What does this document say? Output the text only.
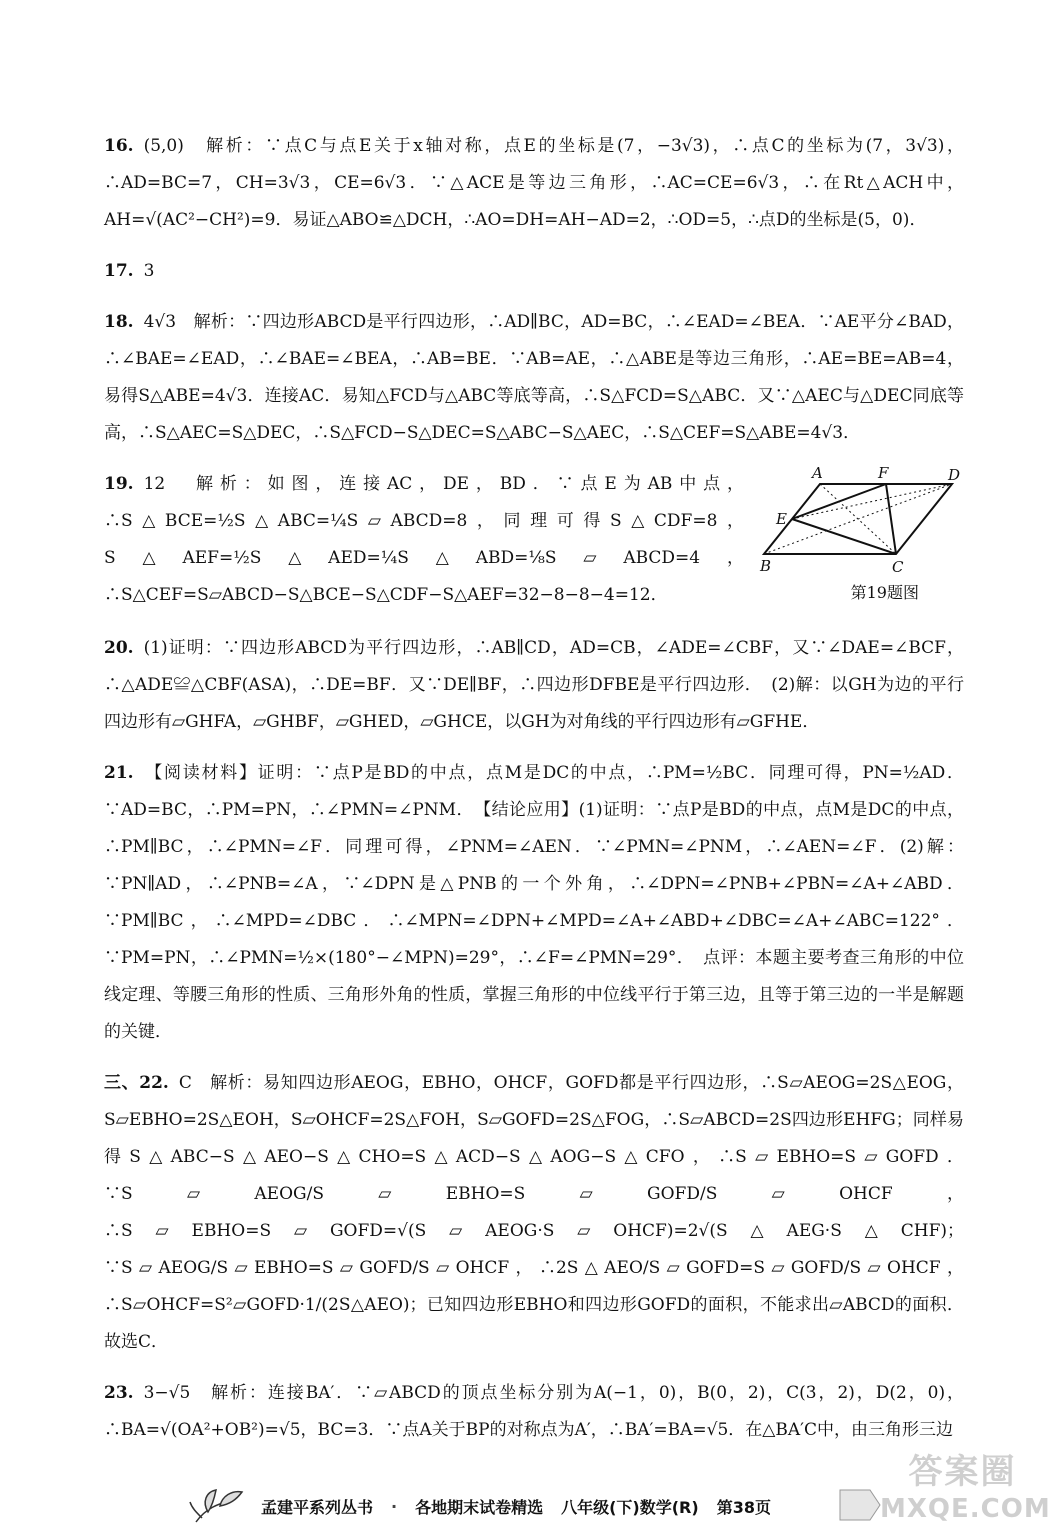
16. (5,0)　解析：∵点C与点E关于x轴对称，点E的坐标是(7，−3√3)，∴点C的坐标为(7，3√3)，∴AD=BC=7，CH=3√3，CE=6√3．∵△ACE是等边三角形，∴AC=CE=6√3，∴在Rt△ACH中，AH=√(AC²−CH²)=9．易证△ABO≌△DCH，∴AO=DH=AH−AD=2，∴OD=5，∴点D的坐标是(5，0)．
17. 3
18. 4√3　解析：∵四边形ABCD是平行四边形，∴AD∥BC，AD=BC，∴∠EAD=∠BEA．∵AE平分∠BAD，∴∠BAE=∠EAD，∴∠BAE=∠BEA，∴AB=BE．∵AB=AE，∴△ABE是等边三角形，∴AE=BE=AB=4，易得S△ABE=4√3．连接AC．易知△FCD与△ABC等底等高，∴S△FCD=S△ABC．又∵△AEC与△DEC同底等高，∴S△AEC=S△DEC，∴S△FCD−S△DEC=S△ABC−S△AEC，∴S△CEF=S△ABE=4√3．
19. 12　解析：如图，连接AC，DE，BD．∵点E为AB中点，∴S△BCE=½S△ABC=¼S▱ABCD=8，同理可得S△CDF=8，S△AEF=½S△AED=¼S△ABD=⅛S▱ABCD=4，∴S△CEF=S▱ABCD−S△BCE−S△CDF−S△AEF=32−8−8−4=12．
A	F	D
E
B	C
第19题图
20. (1)证明：∵四边形ABCD为平行四边形，∴AB∥CD，AD=CB，∠ADE=∠CBF，又∵∠DAE=∠BCF，∴△ADE≌△CBF(ASA)，∴DE=BF．又∵DE∥BF，∴四边形DFBE是平行四边形．　(2)解：以GH为边的平行四边形有▱GHFA，▱GHBF，▱GHED，▱GHCE，以GH为对角线的平行四边形有▱GFHE．
21. 【阅读材料】证明：∵点P是BD的中点，点M是DC的中点，∴PM=½BC．同理可得，PN=½AD．∵AD=BC，∴PM=PN，∴∠PMN=∠PNM．　【结论应用】(1)证明：∵点P是BD的中点，点M是DC的中点，∴PM∥BC，∴∠PMN=∠F．同理可得，∠PNM=∠AEN．∵∠PMN=∠PNM，∴∠AEN=∠F．(2)解：∵PN∥AD，∴∠PNB=∠A，∵∠DPN是△PNB的一个外角，∴∠DPN=∠PNB+∠PBN=∠A+∠ABD．∵PM∥BC，∴∠MPD=∠DBC．∴∠MPN=∠DPN+∠MPD=∠A+∠ABD+∠DBC=∠A+∠ABC=122°．∵PM=PN，∴∠PMN=½×(180°−∠MPN)=29°，∴∠F=∠PMN=29°．　点评：本题主要考查三角形的中位线定理、等腰三角形的性质、三角形外角的性质，掌握三角形的中位线平行于第三边，且等于第三边的一半是解题的关键．
三、22. C　解析：易知四边形AEOG，EBHO，OHCF，GOFD都是平行四边形，∴S▱AEOG=2S△EOG，S▱EBHO=2S△EOH，S▱OHCF=2S△FOH，S▱GOFD=2S△FOG，∴S▱ABCD=2S四边形EHFG；同样易得S△ABC−S△AEO−S△CHO=S△ACD−S△AOG−S△CFO，∴S▱EBHO=S▱GOFD．∵S▱AEOG/S▱EBHO=S▱GOFD/S▱OHCF，∴S▱EBHO=S▱GOFD=√(S▱AEOG·S▱OHCF)=2√(S△AEG·S△CHF)；∵S▱AEOG/S▱EBHO=S▱GOFD/S▱OHCF，∴2S△AEO/S▱GOFD=S▱GOFD/S▱OHCF，∴S▱OHCF=S²▱GOFD·1/(2S△AEO)；已知四边形EBHO和四边形GOFD的面积，不能求出▱ABCD的面积．故选C．
23. 3−√5　解析：连接BA′．∵▱ABCD的顶点坐标分别为A(−1，0)，B(0，2)，C(3，2)，D(2，0)，∴BA=√(OA²+OB²)=√5，BC=3．∵点A关于BP的对称点为A′，∴BA′=BA=√5．在△BA′C中，由三角形三边
孟建平系列丛书 · 各地期末试卷精选 八年级(下)数学(R) 第38页
答案圈
MXQE.COM
